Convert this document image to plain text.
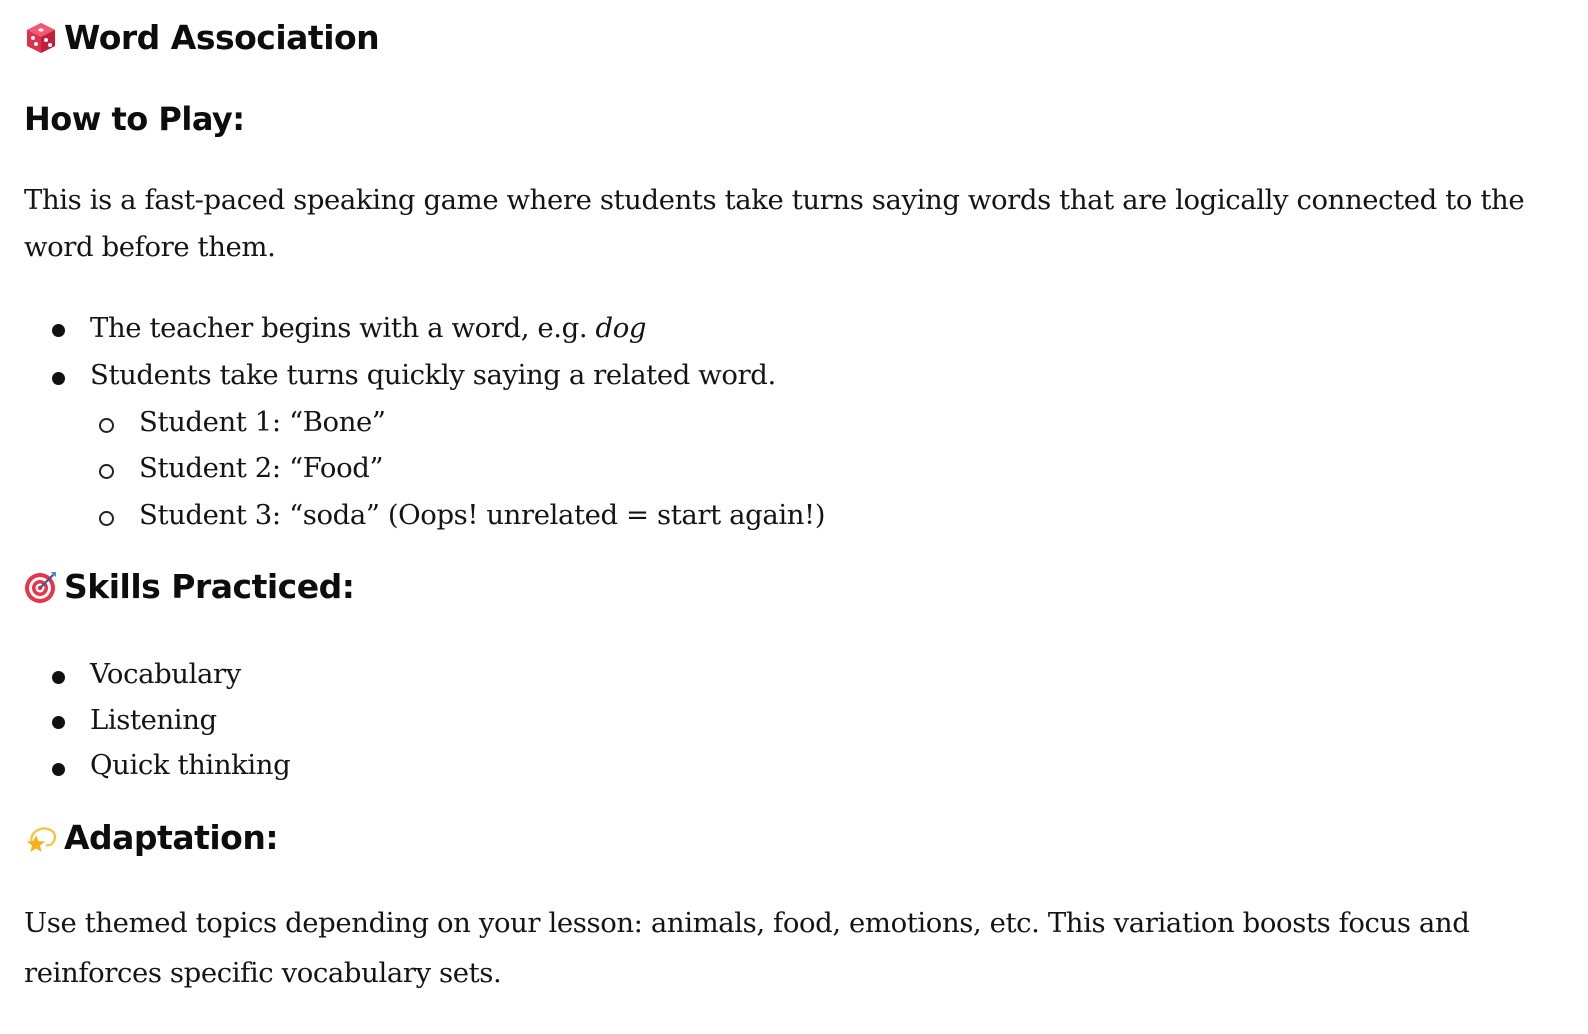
Word Association
How to Play:
This is a fast-paced speaking game where students take turns saying words that are logically connected to the word before them.
The teacher begins with a word, e.g. dog
Students take turns quickly saying a related word.
Student 1: “Bone”
Student 2: “Food”
Student 3: “soda” (Oops! unrelated = start again!)
Skills Practiced:
Vocabulary
Listening
Quick thinking
Adaptation:
Use themed topics depending on your lesson: animals, food, emotions, etc. This variation boosts focus and reinforces specific vocabulary sets.
